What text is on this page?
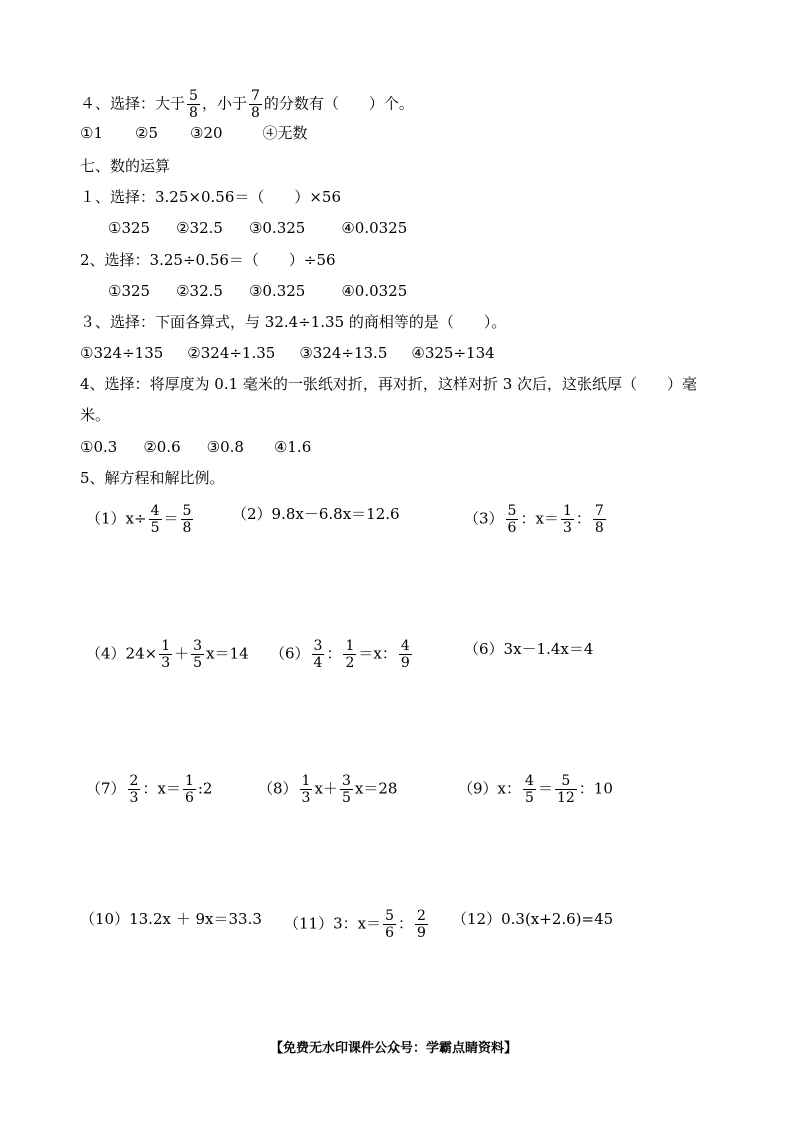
４、选择：大于 $\frac{5}{8}$ ，小于 $\frac{7}{8}$ 的分数有（　　）个。
①1 ②5 ③20	④无数
七、数的运算
１、选择：3.25×0.56＝（　　）×56
①325 ②32.5 ③0.325 ④0.0325
2、选择：3.25÷0.56＝（　　）÷56
①325 ②32.5 ③0.325 ④0.0325
３、选择：下面各算式，与 32.4÷1.35 的商相等的是（　　）。
①324÷135 ②324÷1.35 ③324÷13.5 ④325÷134
4、选择：将厚度为 0.1 毫米的一张纸对折，再对折，这样对折 3 次后，这张纸厚（　　）毫
米。
①0.3 ②0.6 ③0.8 ④1.6
5、解方程和解比例。
$(1)x\div \frac{4}{5} = \frac{5}{8}$	（2）9.8x－6.8x＝12.6	$(3) \frac{5}{6}$ ：$x= \frac{1}{3}$ ： $\frac{7}{8}$
$(4)24\times \frac{1}{3} + \frac{3}{5} x=14$ $(6) \frac{3}{4}$ ： $\frac{1}{2} =x$： $\frac{4}{9}$	（6）3x－1.4x＝4
$(7) \frac{2}{3}$ ：$x= \frac{1}{6}$ :2	$(8) \frac{1}{3} x+ \frac{3}{5} x=28$	（9）x： $\frac{4}{5} = \frac{5}{12}$ ：10
（10）13.2x ＋ 9x＝33.3 （11）3：$x= \frac{5}{6}$ ： $\frac{2}{9} (12)0.3(x+2.6)=45$
【免费无水印课件公众号：学霸点睛资料】
